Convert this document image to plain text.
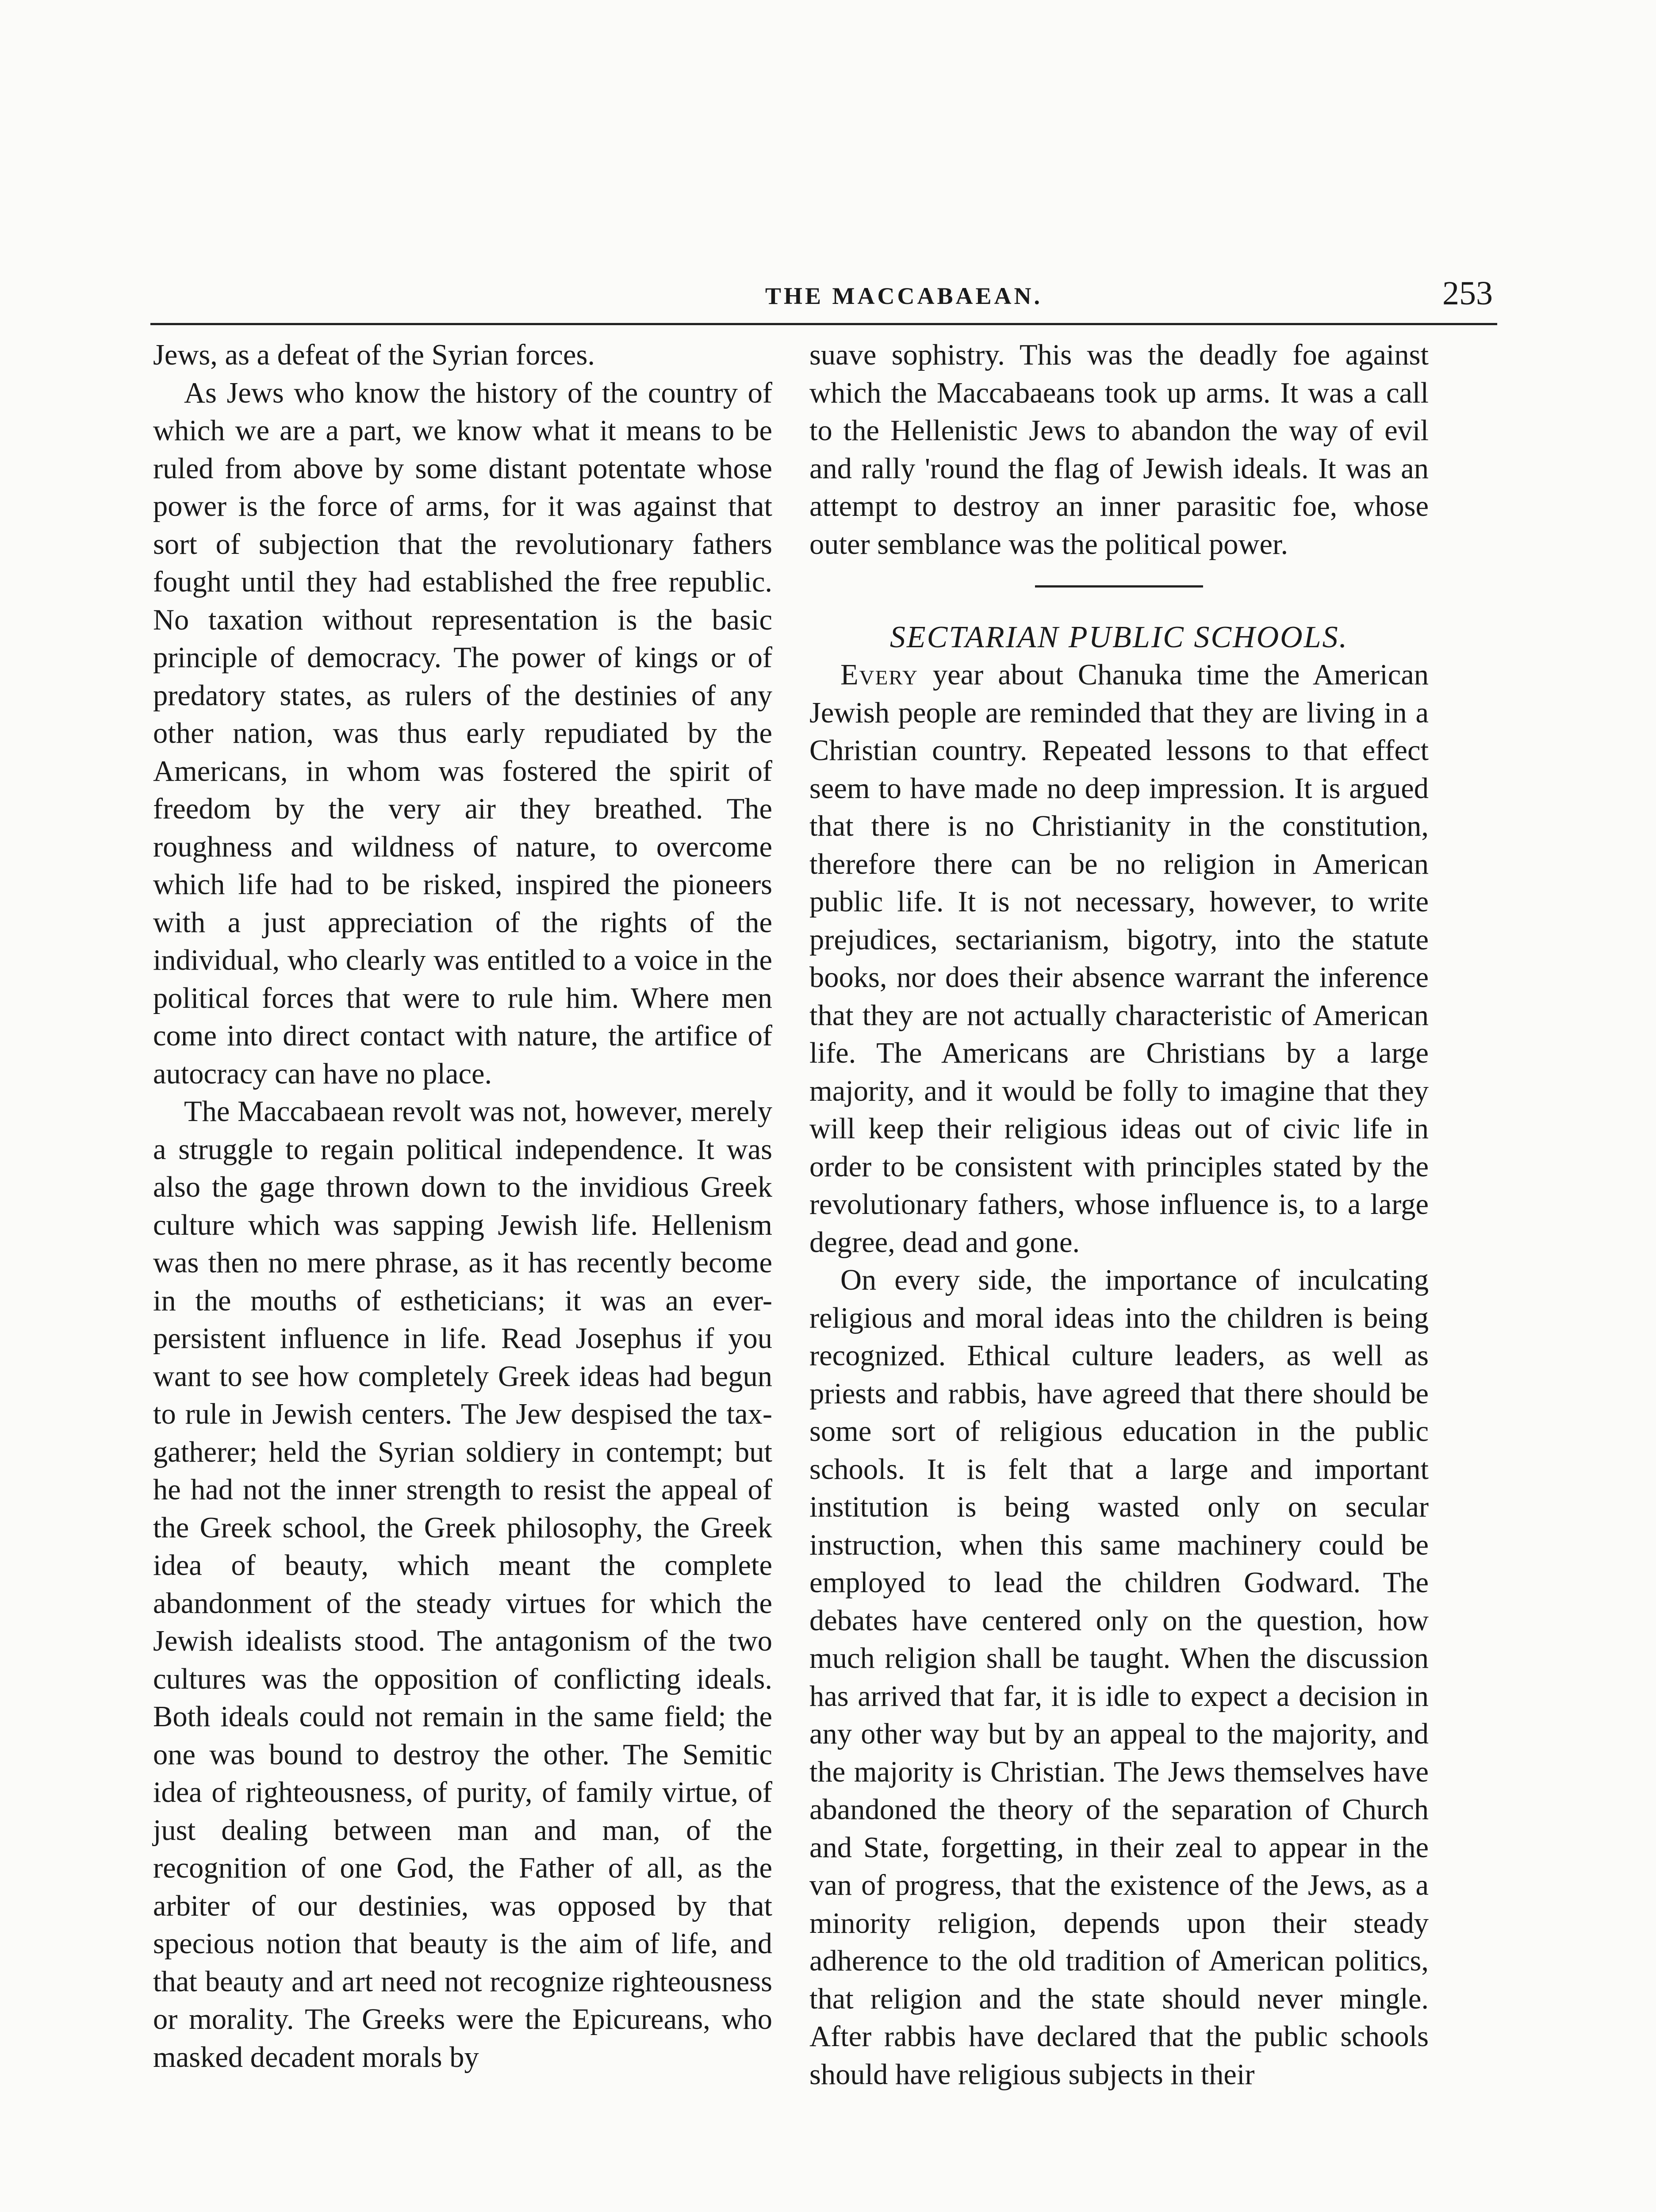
THE MACCABAEAN.	253

Jews, as a defeat of the Syrian forces.

As Jews who know the history of the country of which we are a part, we know what it means to be ruled from above by some distant potentate whose power is the force of arms, for it was against that sort of subjection that the revolutionary fathers fought until they had established the free republic. No taxation without representation is the basic principle of democracy. The power of kings or of predatory states, as rulers of the destinies of any other nation, was thus early repudiated by the Americans, in whom was fostered the spirit of freedom by the very air they breathed. The roughness and wildness of nature, to overcome which life had to be risked, inspired the pioneers with a just appreciation of the rights of the individual, who clearly was entitled to a voice in the political forces that were to rule him. Where men come into direct contact with nature, the artifice of autocracy can have no place.

The Maccabaean revolt was not, however, merely a struggle to regain political independence. It was also the gage thrown down to the invidious Greek culture which was sapping Jewish life. Hellenism was then no mere phrase, as it has recently become in the mouths of estheticians; it was an ever-persistent influence in life. Read Josephus if you want to see how completely Greek ideas had begun to rule in Jewish centers. The Jew despised the tax-gatherer; held the Syrian soldiery in contempt; but he had not the inner strength to resist the appeal of the Greek school, the Greek philosophy, the Greek idea of beauty, which meant the complete abandonment of the steady virtues for which the Jewish idealists stood. The antagonism of the two cultures was the opposition of conflicting ideals. Both ideals could not remain in the same field; the one was bound to destroy the other. The Semitic idea of righteousness, of purity, of family virtue, of just dealing between man and man, of the recognition of one God, the Father of all, as the arbiter of our destinies, was opposed by that specious notion that beauty is the aim of life, and that beauty and art need not recognize righteousness or morality. The Greeks were the Epicureans, who masked decadent morals by

suave sophistry. This was the deadly foe against which the Maccabaeans took up arms. It was a call to the Hellenistic Jews to abandon the way of evil and rally 'round the flag of Jewish ideals. It was an attempt to destroy an inner parasitic foe, whose outer semblance was the political power.

SECTARIAN PUBLIC SCHOOLS.

Every year about Chanuka time the American Jewish people are reminded that they are living in a Christian country. Repeated lessons to that effect seem to have made no deep impression. It is argued that there is no Christianity in the constitution, therefore there can be no religion in American public life. It is not necessary, however, to write prejudices, sectarianism, bigotry, into the statute books, nor does their absence warrant the inference that they are not actually characteristic of American life. The Americans are Christians by a large majority, and it would be folly to imagine that they will keep their religious ideas out of civic life in order to be consistent with principles stated by the revolutionary fathers, whose influence is, to a large degree, dead and gone.

On every side, the importance of inculcating religious and moral ideas into the children is being recognized. Ethical culture leaders, as well as priests and rabbis, have agreed that there should be some sort of religious education in the public schools. It is felt that a large and important institution is being wasted only on secular instruction, when this same machinery could be employed to lead the children Godward. The debates have centered only on the question, how much religion shall be taught. When the discussion has arrived that far, it is idle to expect a decision in any other way but by an appeal to the majority, and the majority is Christian. The Jews themselves have abandoned the theory of the separation of Church and State, forgetting, in their zeal to appear in the van of progress, that the existence of the Jews, as a minority religion, depends upon their steady adherence to the old tradition of American politics, that religion and the state should never mingle. After rabbis have declared that the public schools should have religious subjects in their
